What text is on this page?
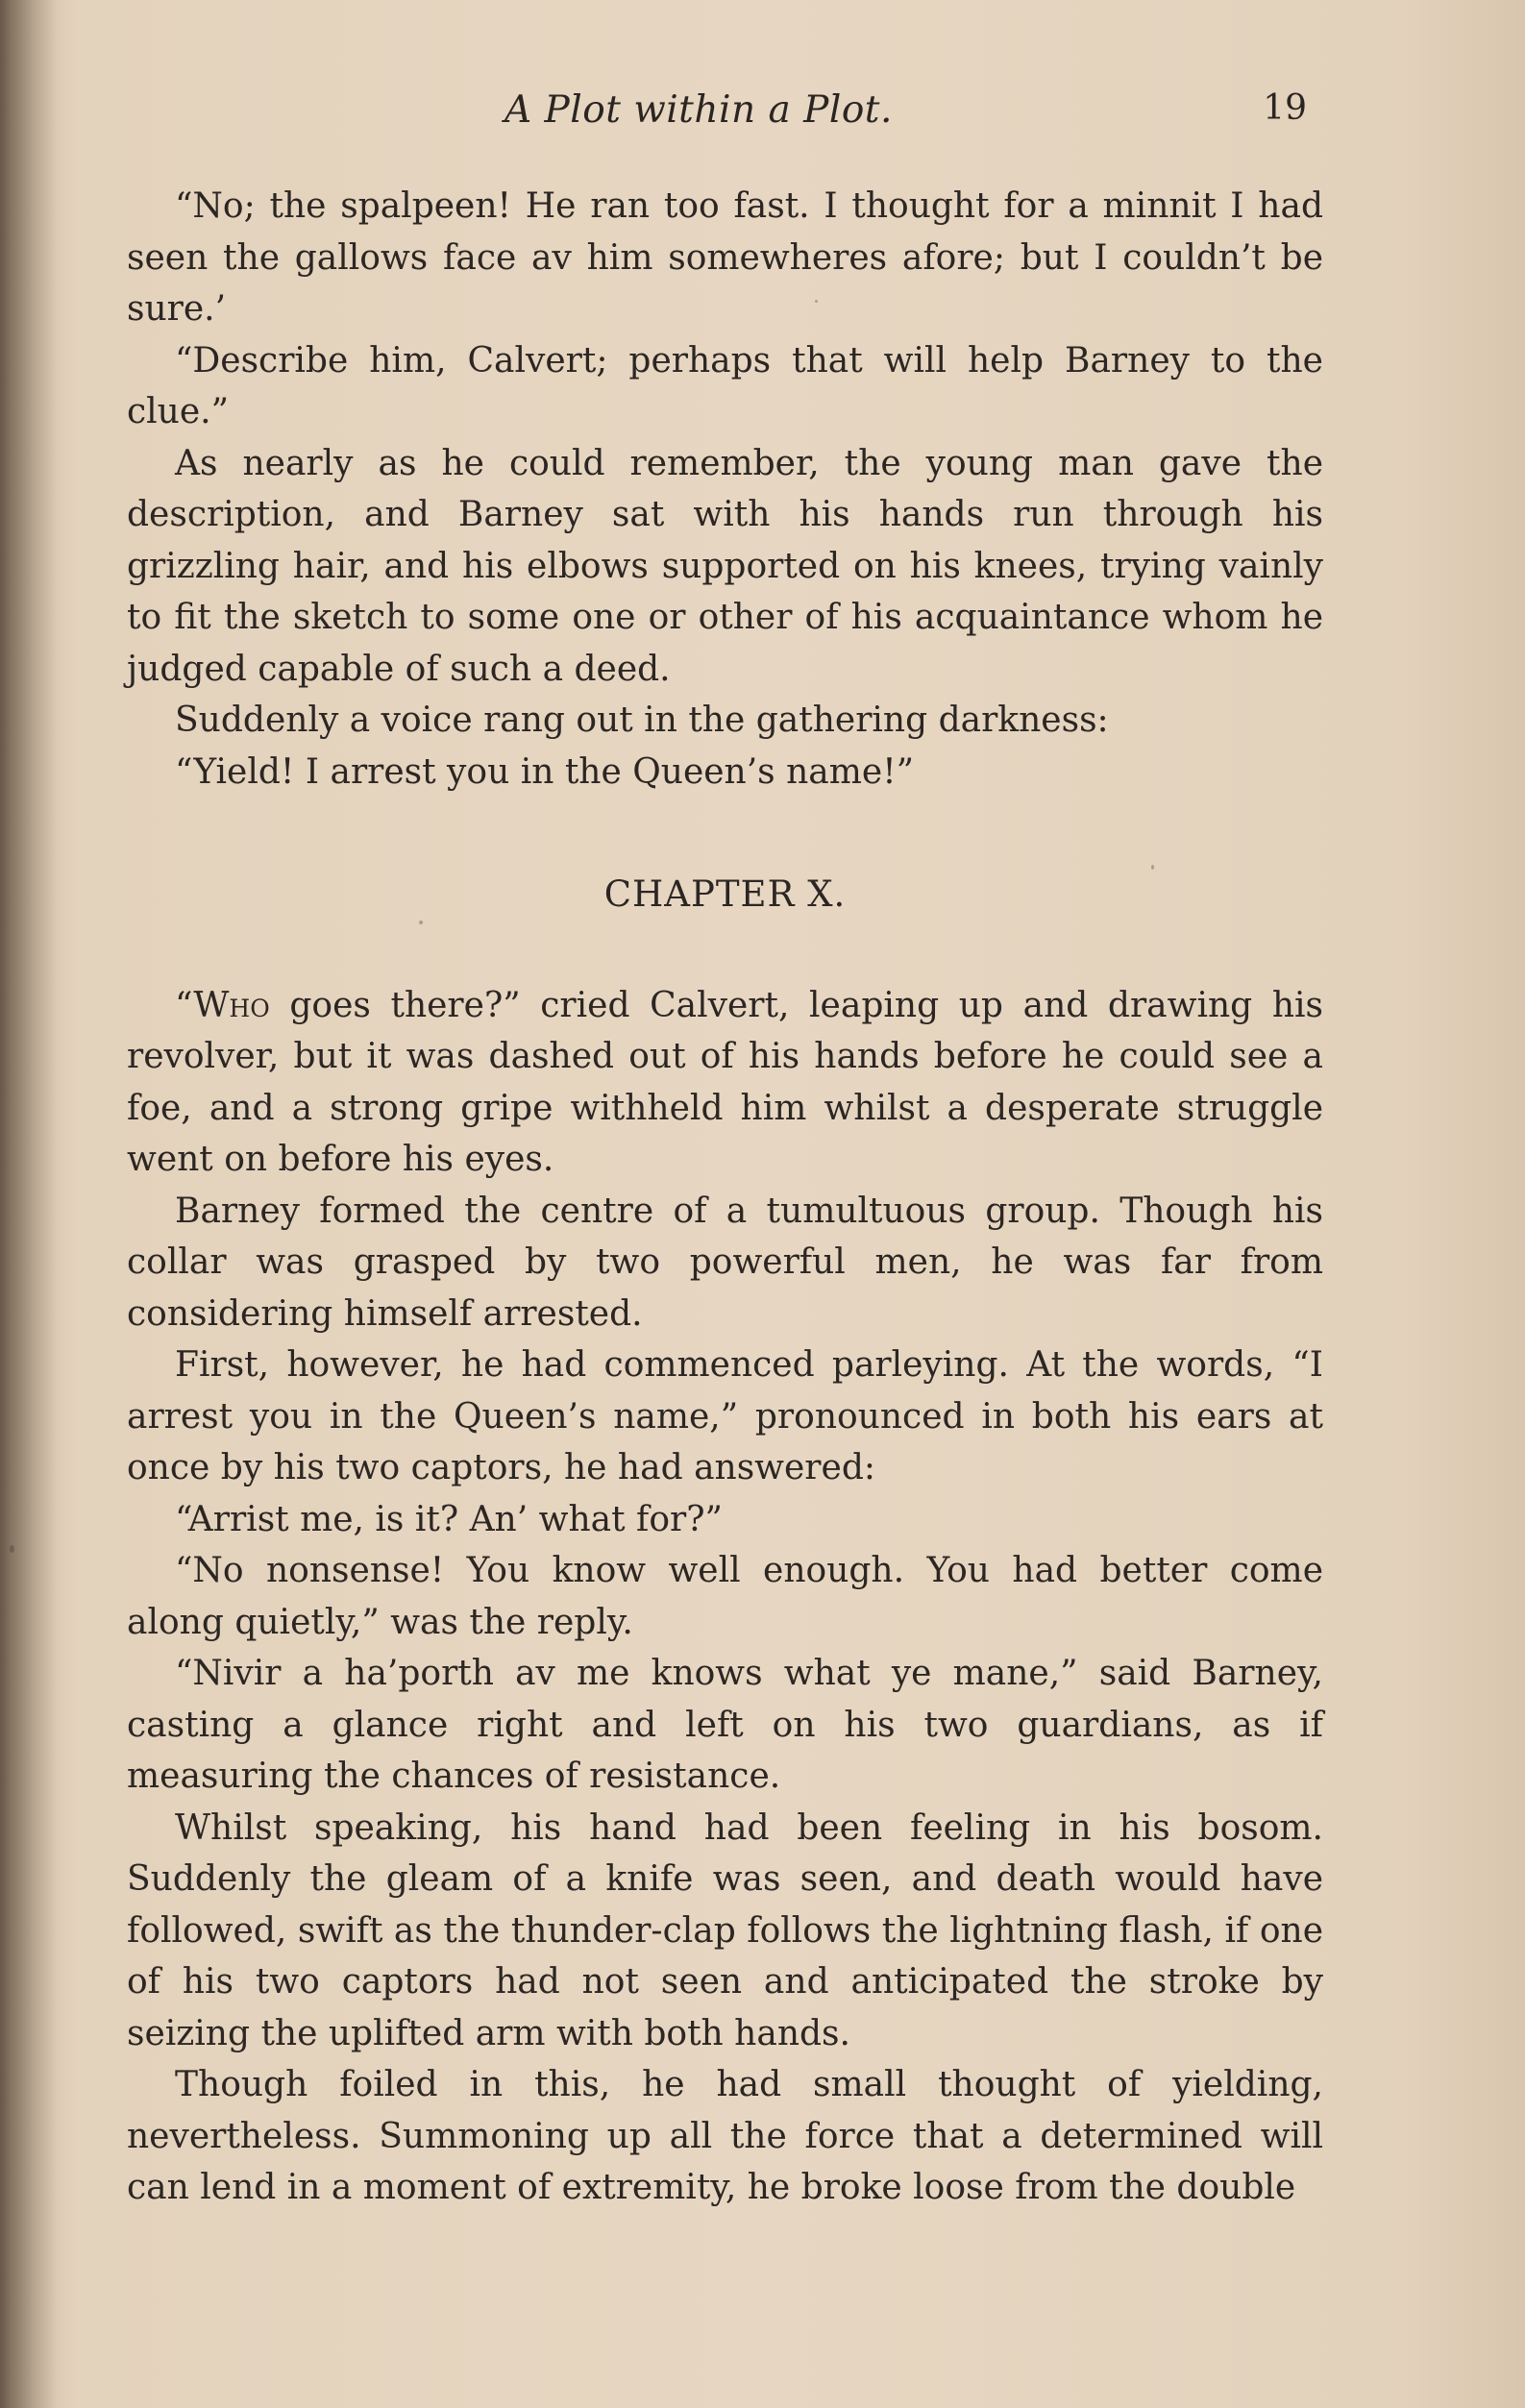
A Plot within a Plot.	19

“No; the spalpeen! He ran too fast. I thought for a minnit I had seen the gallows face av him somewheres afore; but I couldn’t be sure.’

“Describe him, Calvert; perhaps that will help Barney to the clue.”

As nearly as he could remember, the young man gave the description, and Barney sat with his hands run through his grizzling hair, and his elbows supported on his knees, trying vainly to fit the sketch to some one or other of his acquaintance whom he judged capable of such a deed.

Suddenly a voice rang out in the gathering darkness:

“Yield! I arrest you in the Queen’s name!”

CHAPTER X.

“Who goes there?” cried Calvert, leaping up and drawing his revolver, but it was dashed out of his hands before he could see a foe, and a strong gripe withheld him whilst a desperate struggle went on before his eyes.

Barney formed the centre of a tumultuous group. Though his collar was grasped by two powerful men, he was far from considering himself arrested.

First, however, he had commenced parleying. At the words, “I arrest you in the Queen’s name,” pronounced in both his ears at once by his two captors, he had answered:

“Arrist me, is it? An’ what for?”

“No nonsense! You know well enough. You had better come along quietly,” was the reply.

“Nivir a ha’porth av me knows what ye mane,” said Barney, casting a glance right and left on his two guardians, as if measuring the chances of resistance.

Whilst speaking, his hand had been feeling in his bosom. Suddenly the gleam of a knife was seen, and death would have followed, swift as the thunder-clap follows the lightning flash, if one of his two captors had not seen and anticipated the stroke by seizing the uplifted arm with both hands.

Though foiled in this, he had small thought of yielding, nevertheless. Summoning up all the force that a determined will can lend in a moment of extremity, he broke loose from the double
